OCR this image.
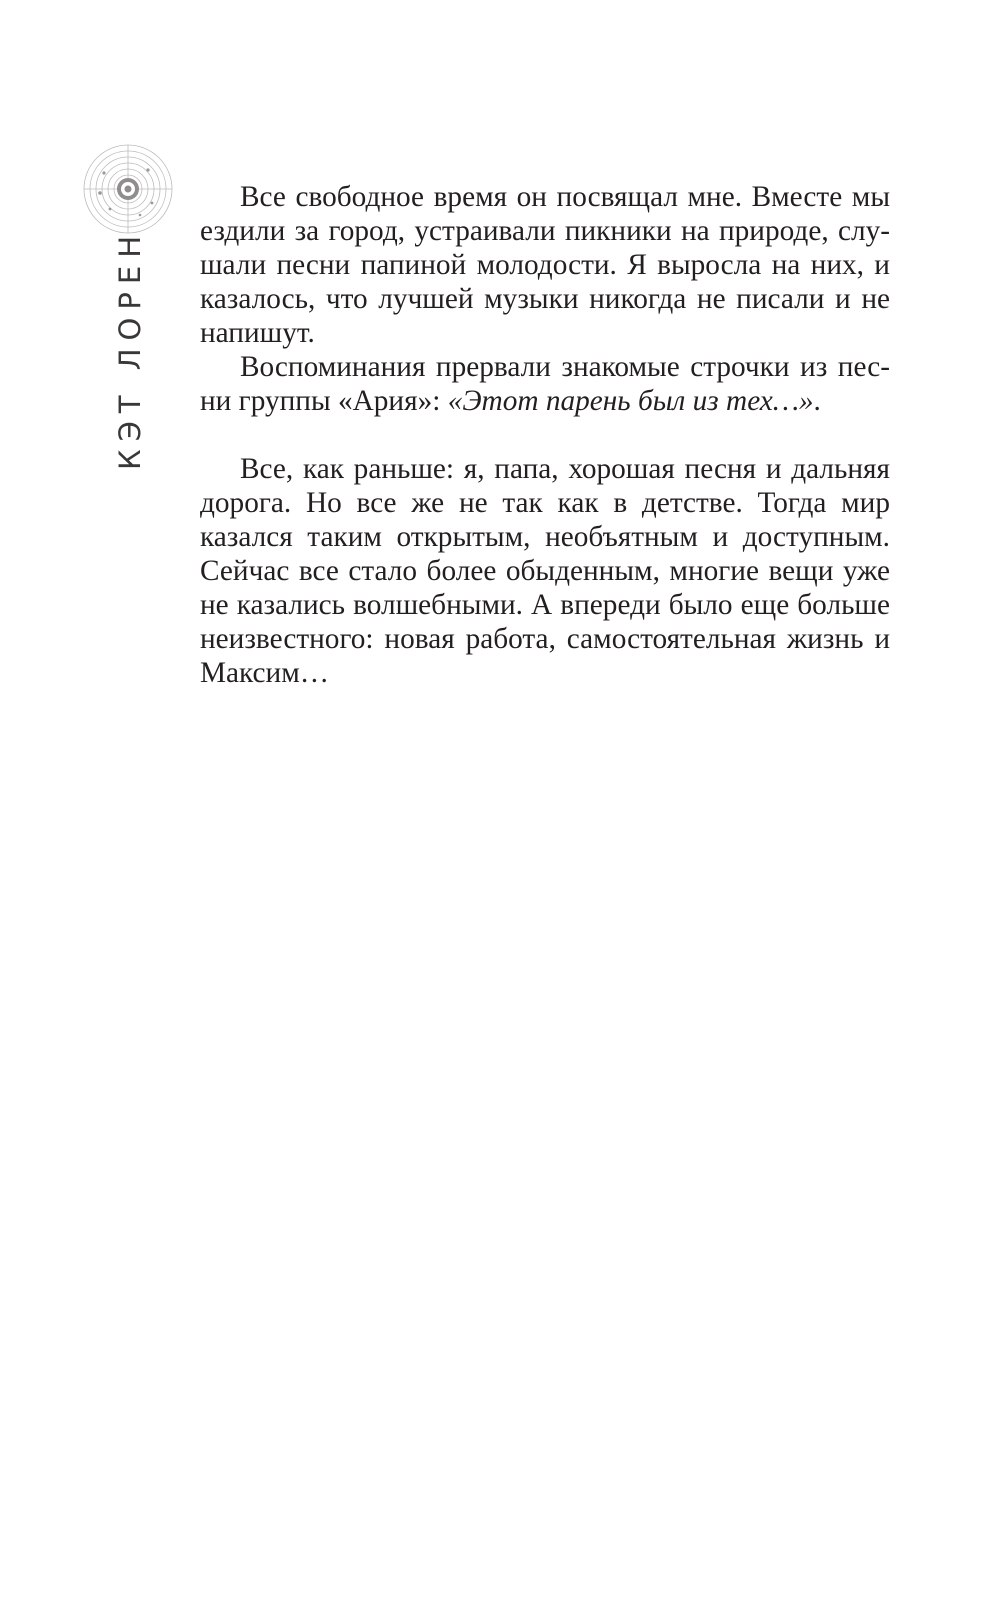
КЭТ ЛОРЕН

Все свободное время он посвящал мне. Вместе мы ездили за город, устраивали пикники на природе, слушали песни папиной молодости. Я выросла на них, и казалось, что лучшей музыки никогда не писали и не напишут.

Воспоминания прервали знакомые строчки из песни группы «Ария»: «Этот парень был из тех…».

Все, как раньше: я, папа, хорошая песня и дальняя дорога. Но все же не так как в детстве. Тогда мир казался таким открытым, необъятным и доступным. Сейчас все стало более обыденным, многие вещи уже не казались волшебными. А впереди было еще больше неизвестного: новая работа, самостоятельная жизнь и Максим…
